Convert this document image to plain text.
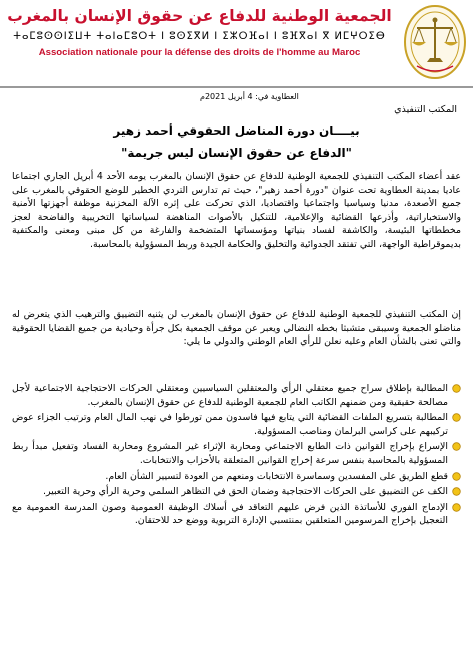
الجمعية الوطنية للدفاع عن حقوق الإنسان بالمغرب
ⵜⴰⵎⵓⵙⵙⵏⵉⵡⵜ ⵜⴰⵏⴰⵎⵓⵔⵜ ⵏ ⵓⵙⵉⴳⵍ ⵏ ⵉⵣⵔⴼⴰⵏ ⵏ ⵓⴼⴳⴰⵏ ⴳ ⵍⵎⵖⵔⵉⴱ
Association nationale pour la défense des droits de l'homme au Maroc
العطاوية في: 4 أبريل 2021م
المكتب التنفيذي
بيــــان دورة المناضل الحقوقي أحمد زهير
"الدفاع عن حقوق الإنسان ليس جريمة"
عقد أعضاء المكتب التنفيذي للجمعية الوطنية للدفاع عن حقوق الإنسان بالمغرب يومه الأحد 4 أبريل الجاري اجتماعا عاديا بمدينة العطاوية تحت عنوان "دورة أحمد زهير"، حيث تم تدارس التردي الخطير للوضع الحقوقي بالمغرب على جميع الأصعدة، مدنيا وسياسيا واجتماعيا واقتصاديا، الذي تحركت على إثره الآلة المخزنية موظفة أجهزتها الأمنية والاستخباراتية، وأذرعها القضائية والإعلامية، للتنكيل بالأصوات المناهضة لسياساتها التخريبية والفاضحة لعجز مخططاتها البئيسة، والكاشفة لفساد بنياتها ومؤسساتها المتضخمة والفارغة من كل مبنى ومعنى والمكتفية بديموقراطية الواجهة، التي تفتقد الجدوائية والتخليق والحكامة الجيدة وربط المسؤولية بالمحاسبة.
إن المكتب التنفيذي للجمعية الوطنية للدفاع عن حقوق الإنسان بالمغرب لن يثنيه التضييق والترهيب الذي يتعرض له مناضلو الجمعية وسيبقى متشبثا بخطه النضالي ويعبر عن موقف الجمعية بكل جرأة وحيادية من جميع القضايا الحقوقية والتي تعنى بالشأن العام وعليه نعلن للرأي العام الوطني والدولي ما يلي:
المطالبة بإطلاق سراح جميع معتقلي الرأي والمعتقلين السياسيين ومعتقلي الحركات الاحتجاجية الاجتماعية لأجل مصالحة حقيقية ومن ضمنهم الكاتب العام للجمعية الوطنية للدفاع عن حقوق الإنسان بالمغرب.
المطالبة بتسريع الملفات القضائية التي يتابع فيها فاسدون ممن تورطوا في نهب المال العام وترتيب الجزاء عوض تركيبهم على كراسي البرلمان ومناصب المسؤولية.
الإسراع بإخراج القوانين ذات الطابع الاجتماعي ومحاربة الإثراء غير المشروع ومحاربة الفساد وتفعيل مبدأ ربط المسؤولية بالمحاسبة بنفس سرعة إخراج القوانين المتعلقة بالأحزاب والانتخابات.
قطع الطريق على المفسدين وسماسرة الانتخابات ومنعهم من العودة لتسيير الشأن العام.
الكف عن التضييق على الحركات الاحتجاجية وضمان الحق في التظاهر السلمي وحرية الرأي وحرية التعبير.
الإدماج الفوري للأساتذة الذين فرض عليهم التعاقد في أسلاك الوظيفة العمومية وصون المدرسة العمومية مع التعجيل بإخراج المرسومين المتعلقين بمنتسبي الإدارة التربوية ووضع حد للاحتقان.
